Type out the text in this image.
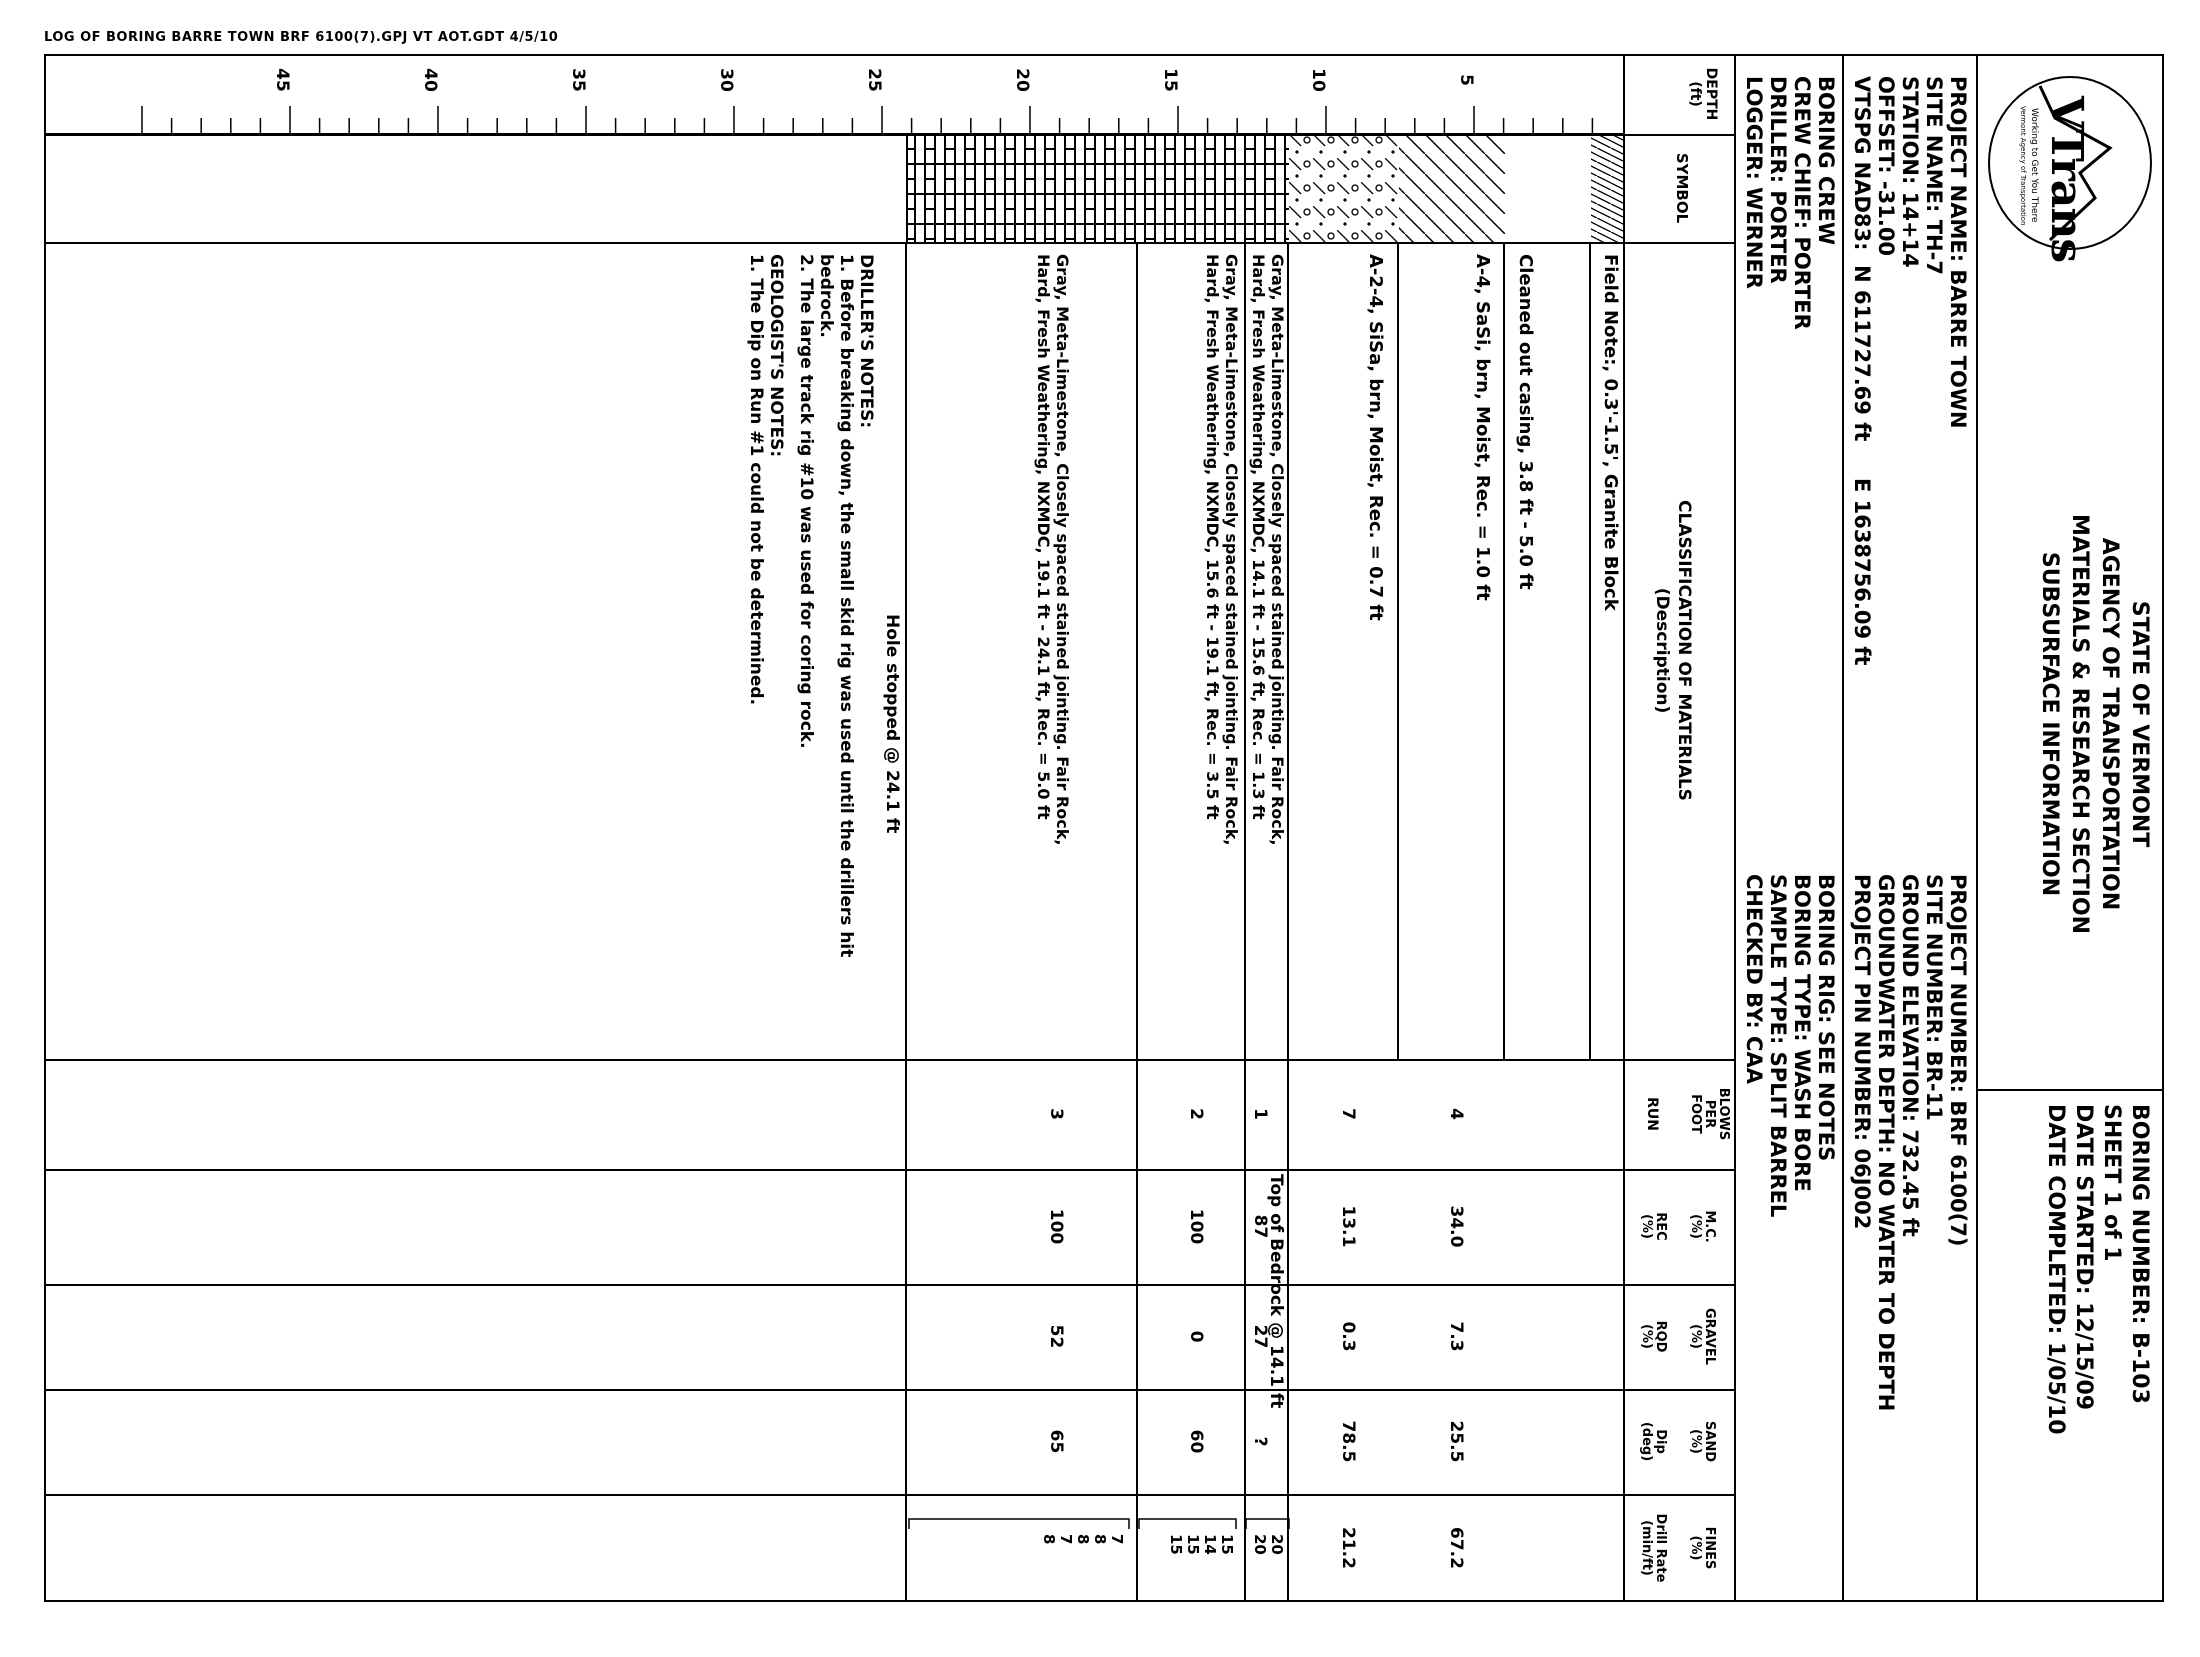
LOG OF BORING BARRE TOWN BRF 6100(7).GPJ VT AOT.GDT 4/5/10
VTrans
Working to Get You There
Vermont Agency of Transportation
STATE OF VERMONT
AGENCY OF TRANSPORTATION
MATERIALS & RESEARCH SECTION
SUBSURFACE INFORMATION
BORING NUMBER: B-103
SHEET 1 of 1
DATE STARTED: 12/15/09
DATE COMPLETED: 1/05/10
PROJECT NAME: BARRE TOWN
SITE NAME: TH-7
STATION: 14+14
OFFSET: -31.00
VTSPG NAD83:  N 611727.69 ft     E 1638756.09 ft
PROJECT NUMBER: BRF 6100(7)
SITE NUMBER: BR-11
GROUND ELEVATION: 732.45 ft
GROUNDWATER DEPTH: NO WATER TO DEPTH
PROJECT PIN NUMBER: 06J002
BORING CREW
CREW CHIEF: PORTER
DRILLER: PORTER
LOGGER: WERNER
BORING RIG: SEE NOTES
BORING TYPE: WASH BORE
SAMPLE TYPE: SPLIT BARREL
CHECKED BY: CAA
DEPTH
(ft)
SYMBOL
CLASSIFICATION OF MATERIALS
(Description)
BLOWS
PER
FOOT
RUN
M.C.
(%)
REC
(%)
GRAVEL
(%)
RQD
(%)
SAND
(%)
Dip
(deg)
FINES
(%)
Drill Rate
(min/ft)
5
10
15
20
25
30
35
40
45
Field Note:, 0.3'-1.5', Granite Block
Cleaned out casing, 3.8 ft - 5.0 ft
A-4, SaSi, brn, Moist, Rec. = 1.0 ft
A-2-4, SiSa, brn, Moist, Rec. = 0.7 ft
Gray, Meta-Limestone, Closely spaced stained jointing. Fair Rock,
Hard, Fresh Weathering, NXMDC, 14.1 ft - 15.6 ft, Rec. = 1.3 ft
Gray, Meta-Limestone, Closely spaced stained jointing. Fair Rock,
Hard, Fresh Weathering, NXMDC, 15.6 ft - 19.1 ft, Rec. = 3.5 ft
Gray, Meta-Limestone, Closely spaced stained jointing. Fair Rock,
Hard, Fresh Weathering, NXMDC, 19.1 ft - 24.1 ft, Rec. = 5.0 ft
Hole stopped @ 24.1 ft
DRILLER'S NOTES:
1. Before breaking down, the small skid rig was used until the drillers hit
bedrock.
2. The large track rig #10 was used for coring rock.
GEOLOGIST'S NOTES:
1. The Dip on Run #1 could not be determined.
4
34.0
7.3
25.5
67.2
7
13.1
0.3
78.5
21.2
Top of Bedrock @ 14.1 ft
1
87
27
?
20
20
2
100
0
60
15
14
15
15
3
100
52
65
7
8
8
7
8
